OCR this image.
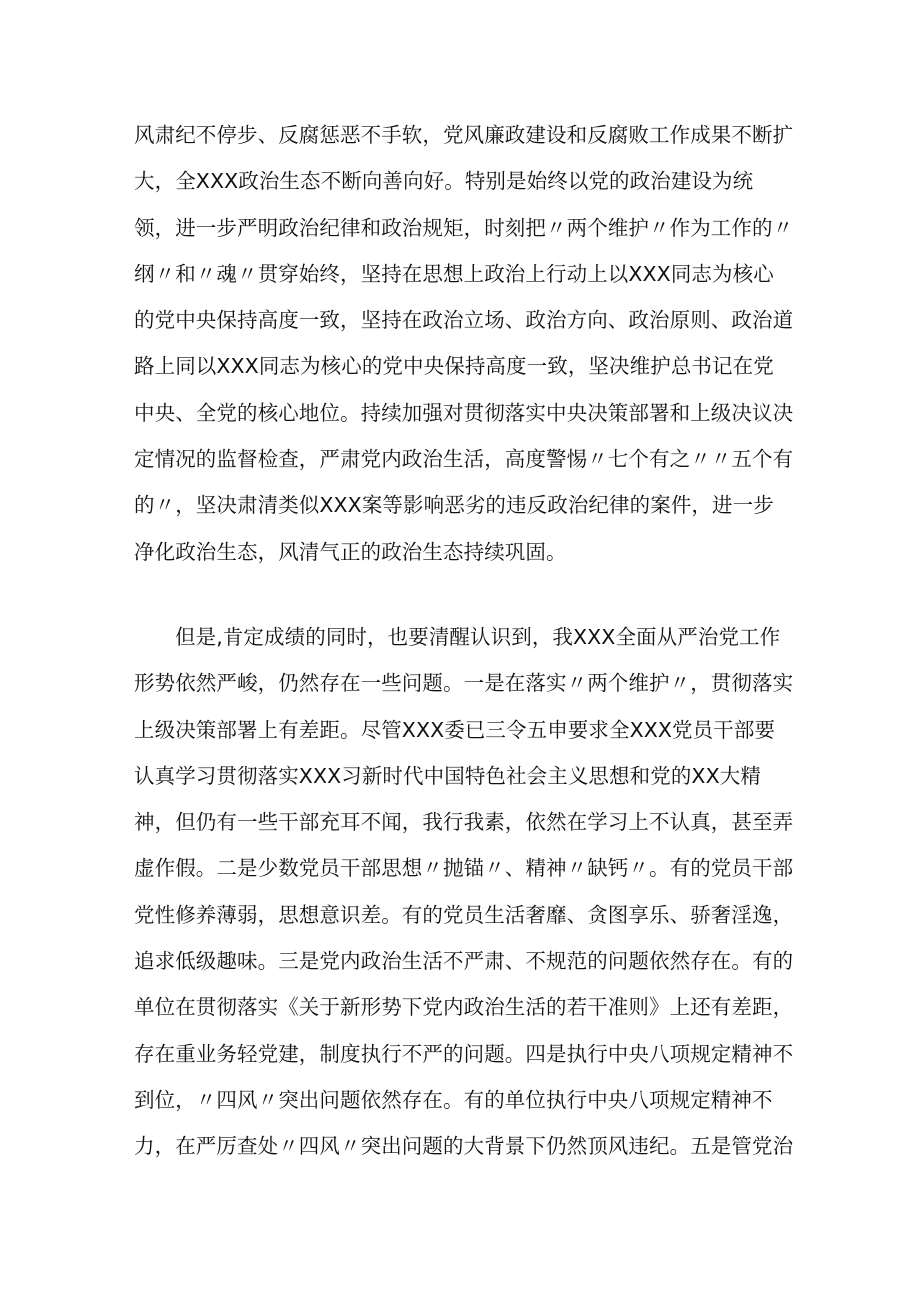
风肃纪不停步、反腐惩恶不手软，党风廉政建设和反腐败工作成果不断扩
大，全XXX政治生态不断向善向好。特别是始终以党的政治建设为统
领，进一步严明政治纪律和政治规矩，时刻把〃两个维护〃作为工作的〃
纲〃和〃魂〃贯穿始终，坚持在思想上政治上行动上以XXX同志为核心
的党中央保持高度一致，坚持在政治立场、政治方向、政治原则、政治道
路上同以XXX同志为核心的党中央保持高度一致，坚决维护总书记在党
中央、全党的核心地位。持续加强对贯彻落实中央决策部署和上级决议决
定情况的监督检查，严肃党内政治生活，高度警惕〃七个有之〃〃五个有
的〃，坚决肃清类似XXX案等影响恶劣的违反政治纪律的案件，进一步
净化政治生态，风清气正的政治生态持续巩固。
但是,肯定成绩的同时，也要清醒认识到，我XXX全面从严治党工作
形势依然严峻，仍然存在一些问题。一是在落实〃两个维护〃，贯彻落实
上级决策部署上有差距。尽管XXX委已三令五申要求全XXX党员干部要
认真学习贯彻落实XXX习新时代中国特色社会主义思想和党的XX大精
神，但仍有一些干部充耳不闻，我行我素，依然在学习上不认真，甚至弄
虚作假。二是少数党员干部思想〃抛锚〃、精神〃缺钙〃。有的党员干部
党性修养薄弱，思想意识差。有的党员生活奢靡、贪图享乐、骄奢淫逸，
追求低级趣味。三是党内政治生活不严肃、不规范的问题依然存在。有的
单位在贯彻落实《关于新形势下党内政治生活的若干准则》上还有差距，
存在重业务轻党建，制度执行不严的问题。四是执行中央八项规定精神不
到位，〃四风〃突出问题依然存在。有的单位执行中央八项规定精神不
力，在严厉查处〃四风〃突出问题的大背景下仍然顶风违纪。五是管党治
